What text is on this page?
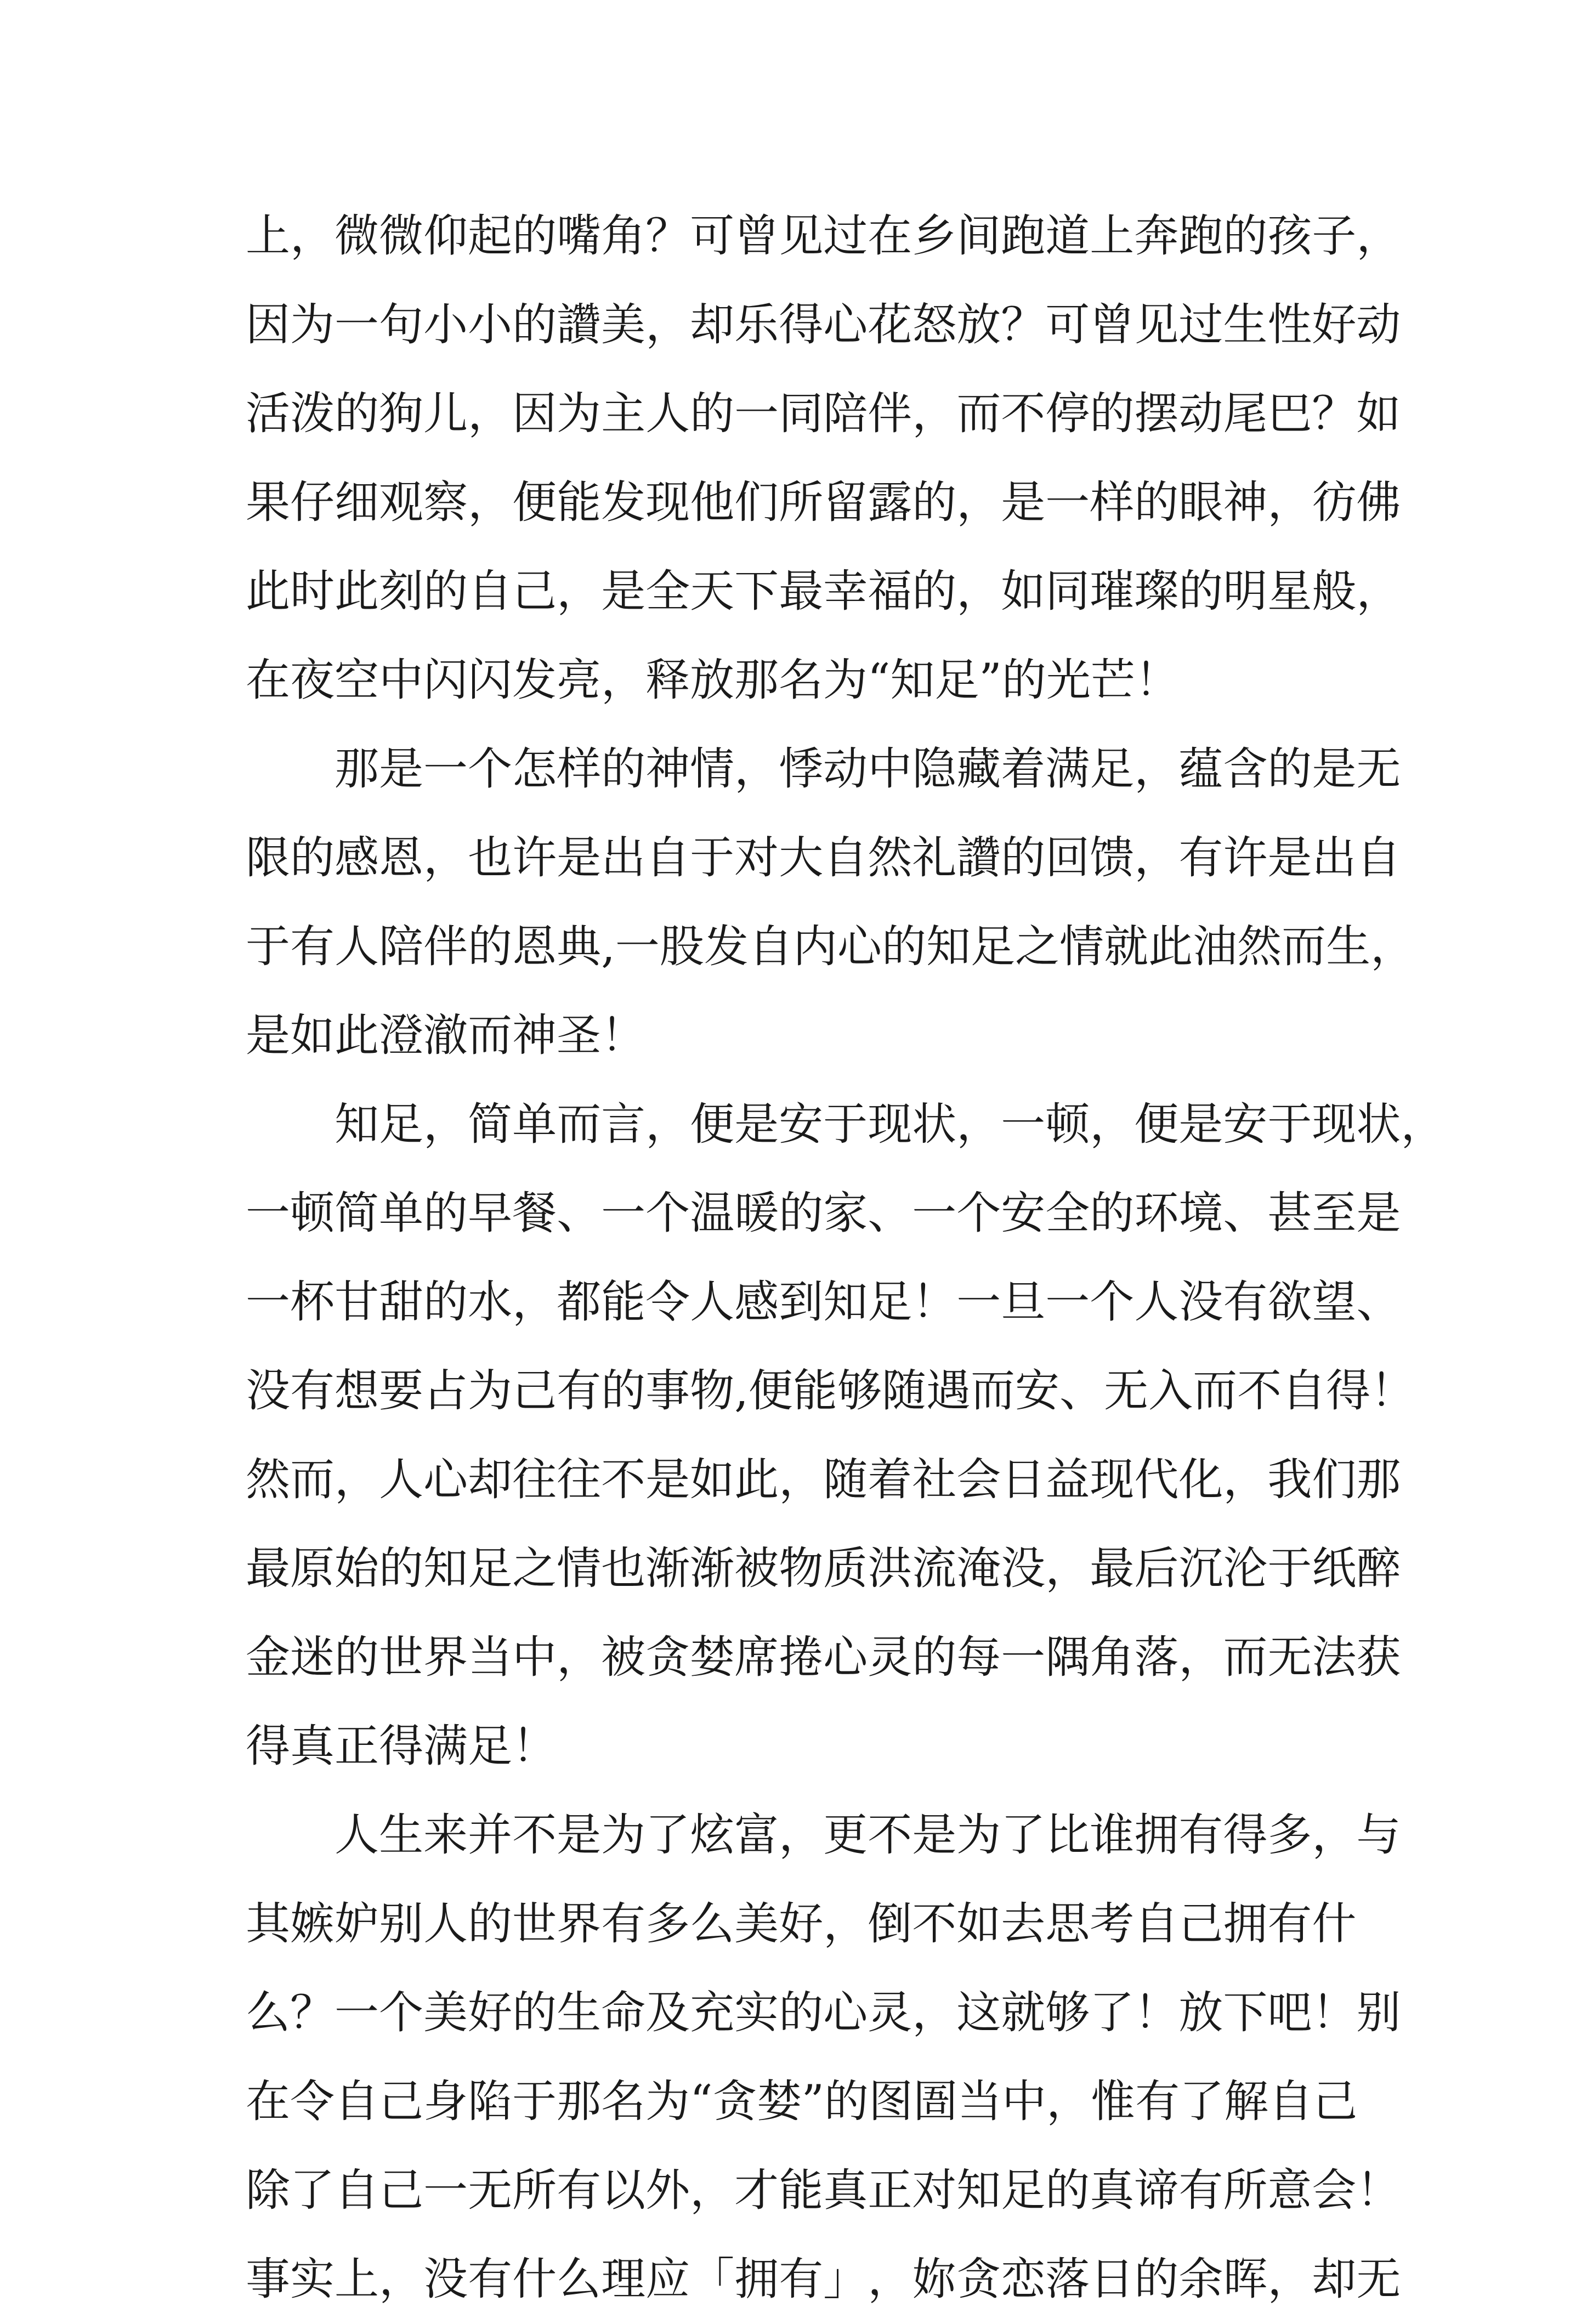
上 ， 微 微 仰 起 的 嘴 角 ？ 可 曾 见 过 在 乡 间 跑 道 上 奔 跑 的 孩 子 ，
因 为 一 句 小 小 的 讚 美 ， 却 乐 得 心 花 怒 放 ？ 可 曾 见 过 生 性 好 动
活 泼 的 狗 儿 ， 因 为 主 人 的 一 同 陪 伴 ， 而 不 停 的 摆 动 尾 巴 ？ 如
果 仔 细 观 察 ， 便 能 发 现 他 们 所 留 露 的 ， 是 一 样 的 眼 神 ， 彷 佛
此 时 此 刻 的 自 己 ， 是 全 天 下 最 幸 福 的 ， 如 同 璀 璨 的 明 星 般 ，
在夜空中闪闪发亮，释放那名为“知足”的光芒！
那 是 一 个 怎 样 的 神 情 ， 悸 动 中 隐 藏 着 满 足 ， 蕴 含 的 是 无
限 的 感 恩 ， 也 许 是 出 自 于 对 大 自 然 礼 讚 的 回 馈 ， 有 许 是 出 自
于 有 人 陪 伴 的 恩 典 , 一 股 发 自 内 心 的 知 足 之 情 就 此 油 然 而 生 ，
是如此澄澈而神圣！
知 足 ， 简 单 而 言 ， 便 是 安 于 现 状 ， 一 顿 ， 便 是 安 于 现 状 ，
一 顿 简 单 的 早 餐 、 一 个 温 暖 的 家 、 一 个 安 全 的 环 境 、 甚 至 是
一 杯 甘 甜 的 水 ， 都 能 令 人 感 到 知 足 ！ 一 旦 一 个 人 没 有 欲 望 、
没 有 想 要 占 为 己 有 的 事 物 , 便 能 够 随 遇 而 安 、 无 入 而 不 自 得 ！
然 而 ， 人 心 却 往 往 不 是 如 此 ， 随 着 社 会 日 益 现 代 化 ， 我 们 那
最 原 始 的 知 足 之 情 也 渐 渐 被 物 质 洪 流 淹 没 ， 最 后 沉 沦 于 纸 醉
金 迷 的 世 界 当 中 ， 被 贪 婪 席 捲 心 灵 的 每 一 隅 角 落 ， 而 无 法 获
得真正得满足！
人 生 来 并 不 是 为 了 炫 富 ， 更 不 是 为 了 比 谁 拥 有 得 多 ， 与
其 嫉 妒 别 人 的 世 界 有 多 么 美 好 ， 倒 不 如 去 思 考 自 己 拥 有 什
么 ？ 一 个 美 好 的 生 命 及 充 实 的 心 灵 ， 这 就 够 了 ！ 放 下 吧 ！ 别
在 令 自 己 身 陷 于 那 名 为 “ 贪 婪 ” 的 图 圄 当 中 ， 惟 有 了 解 自 己
除 了 自 己 一 无 所 有 以 外 ， 才 能 真 正 对 知 足 的 真 谛 有 所 意 会 ！
事 实 上 ， 没 有 什 么 理 应 「 拥 有 」 ， 妳 贪 恋 落 日 的 余 晖 ， 却 无
